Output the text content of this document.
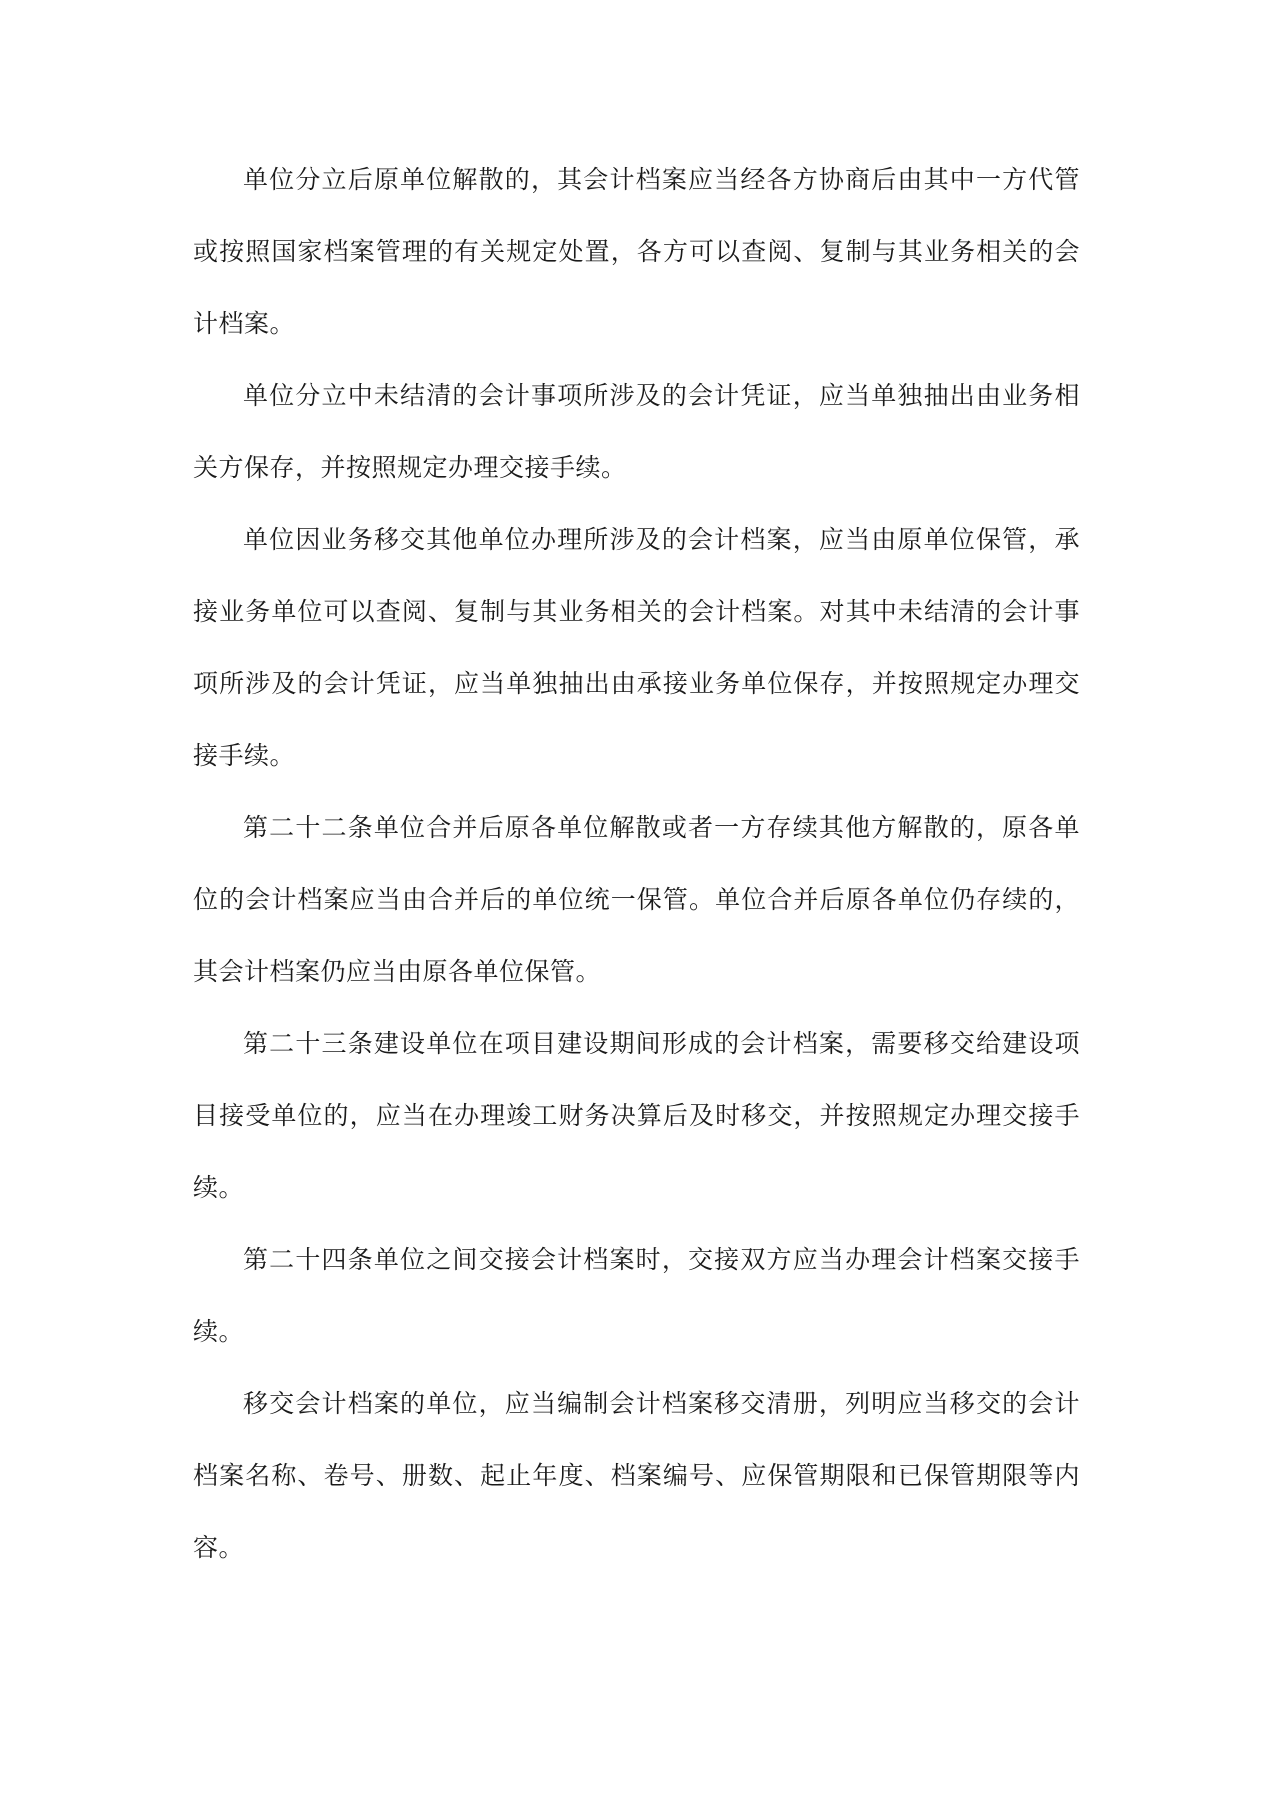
单位分立后原单位解散的，其会计档案应当经各方协商后由其中一方代管或按照国家档案管理的有关规定处置，各方可以查阅、复制与其业务相关的会计档案。

单位分立中未结清的会计事项所涉及的会计凭证，应当单独抽出由业务相关方保存，并按照规定办理交接手续。

单位因业务移交其他单位办理所涉及的会计档案，应当由原单位保管，承接业务单位可以查阅、复制与其业务相关的会计档案。对其中未结清的会计事项所涉及的会计凭证，应当单独抽出由承接业务单位保存，并按照规定办理交接手续。

第二十二条单位合并后原各单位解散或者一方存续其他方解散的，原各单位的会计档案应当由合并后的单位统一保管。单位合并后原各单位仍存续的，其会计档案仍应当由原各单位保管。

第二十三条建设单位在项目建设期间形成的会计档案，需要移交给建设项目接受单位的，应当在办理竣工财务决算后及时移交，并按照规定办理交接手续。

第二十四条单位之间交接会计档案时，交接双方应当办理会计档案交接手续。

移交会计档案的单位，应当编制会计档案移交清册，列明应当移交的会计档案名称、卷号、册数、起止年度、档案编号、应保管期限和已保管期限等内容。
